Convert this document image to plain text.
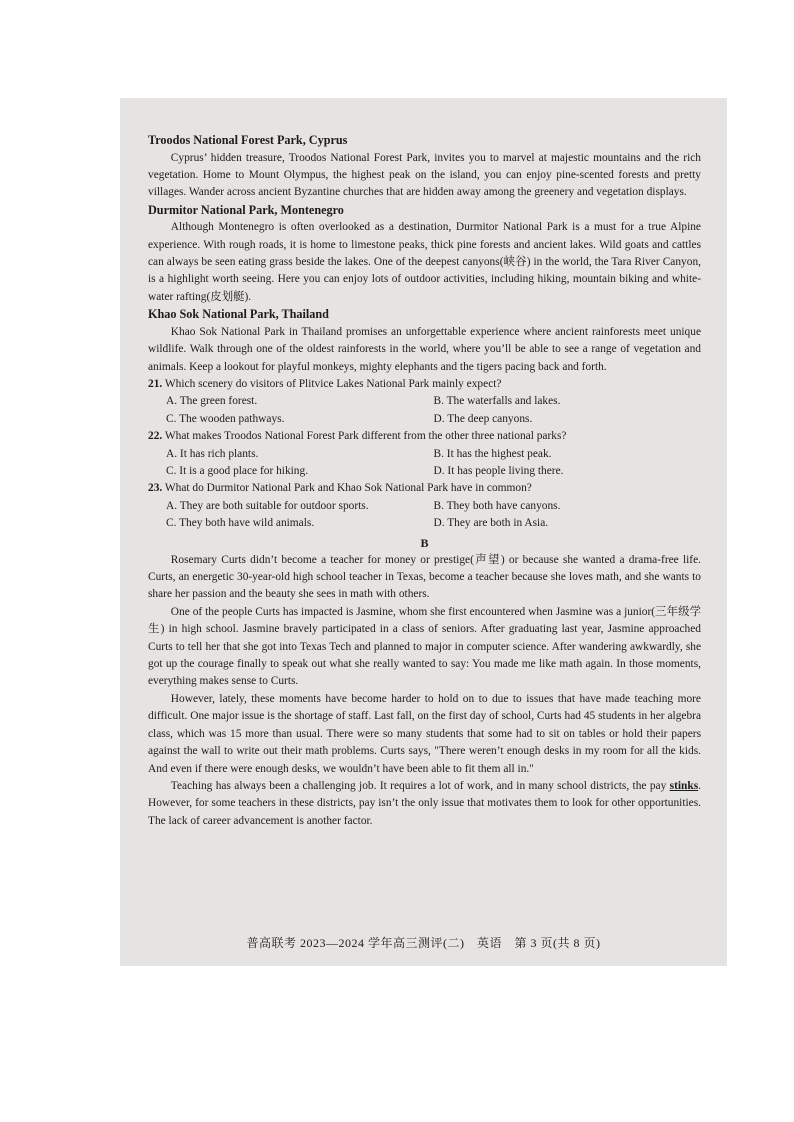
Troodos National Forest Park, Cyprus

Cyprus’ hidden treasure, Troodos National Forest Park, invites you to marvel at majestic mountains and the rich vegetation. Home to Mount Olympus, the highest peak on the island, you can enjoy pine-scented forests and pretty villages. Wander across ancient Byzantine churches that are hidden away among the greenery and vegetation displays.

Durmitor National Park, Montenegro

Although Montenegro is often overlooked as a destination, Durmitor National Park is a must for a true Alpine experience. With rough roads, it is home to limestone peaks, thick pine forests and ancient lakes. Wild goats and cattles can always be seen eating grass beside the lakes. One of the deepest canyons(峡谷) in the world, the Tara River Canyon, is a highlight worth seeing. Here you can enjoy lots of outdoor activities, including hiking, mountain biking and white-water rafting(皮划艇).

Khao Sok National Park, Thailand

Khao Sok National Park in Thailand promises an unforgettable experience where ancient rainforests meet unique wildlife. Walk through one of the oldest rainforests in the world, where you’ll be able to see a range of vegetation and animals. Keep a lookout for playful monkeys, mighty elephants and the tigers pacing back and forth.

21. Which scenery do visitors of Plitvice Lakes National Park mainly expect?

A. The green forest.	B. The waterfalls and lakes.
C. The wooden pathways.	D. The deep canyons.

22. What makes Troodos National Forest Park different from the other three national parks?

A. It has rich plants.	B. It has the highest peak.
C. It is a good place for hiking.	D. It has people living there.

23. What do Durmitor National Park and Khao Sok National Park have in common?

A. They are both suitable for outdoor sports.	B. They both have canyons.
C. They both have wild animals.	D. They are both in Asia.

B

Rosemary Curts didn’t become a teacher for money or prestige(声望) or because she wanted a drama-free life. Curts, an energetic 30-year-old high school teacher in Texas, become a teacher because she loves math, and she wants to share her passion and the beauty she sees in math with others.

One of the people Curts has impacted is Jasmine, whom she first encountered when Jasmine was a junior(三年级学生) in high school. Jasmine bravely participated in a class of seniors. After graduating last year, Jasmine approached Curts to tell her that she got into Texas Tech and planned to major in computer science. After wandering awkwardly, she got up the courage finally to speak out what she really wanted to say: You made me like math again. In those moments, everything makes sense to Curts.

However, lately, these moments have become harder to hold on to due to issues that have made teaching more difficult. One major issue is the shortage of staff. Last fall, on the first day of school, Curts had 45 students in her algebra class, which was 15 more than usual. There were so many students that some had to sit on tables or hold their papers against the wall to write out their math problems. Curts says, "There weren’t enough desks in my room for all the kids. And even if there were enough desks, we wouldn’t have been able to fit them all in."

Teaching has always been a challenging job. It requires a lot of work, and in many school districts, the pay stinks. However, for some teachers in these districts, pay isn’t the only issue that motivates them to look for other opportunities. The lack of career advancement is another factor.

普高联考 2023—2024 学年高三测评(二)　英语　第 3 页(共 8 页)
